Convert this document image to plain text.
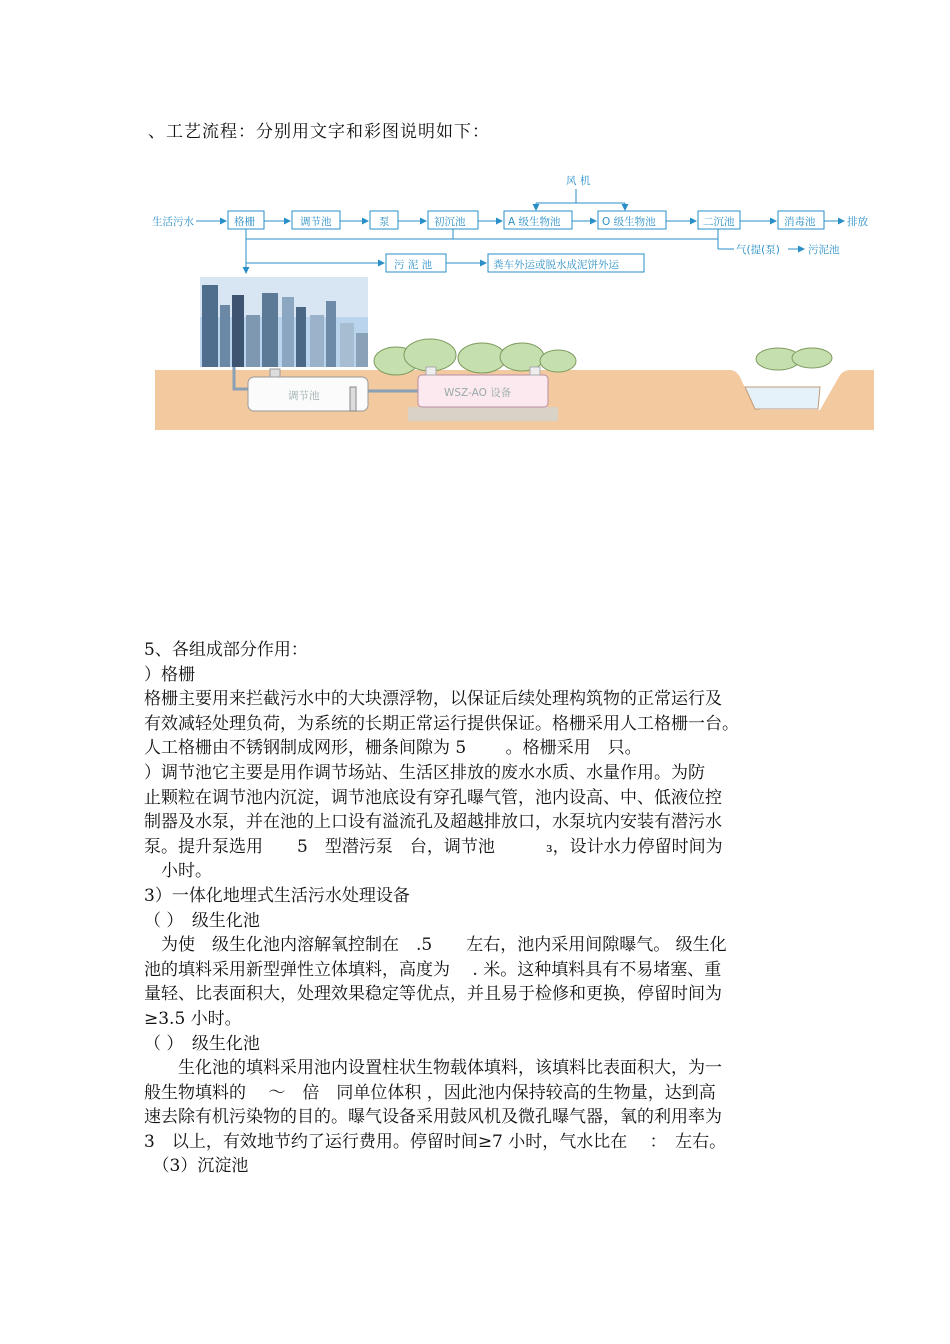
、工艺流程：分别用文字和彩图说明如下：
风 机
生活污水	格栅	调节池	泵	初沉池	A 级生物池	O 级生物池	二沉池	消毒池	排放
气(提(泵)	污泥池
污 泥 池	粪车外运或脱水成泥饼外运
调节池	WSZ-AO 设备
5、各组成部分作用：
）格栅
格栅主要用来拦截污水中的大块漂浮物，以保证后续处理构筑物的正常运行及
有效减轻处理负荷，为系统的长期正常运行提供保证。格栅采用人工格栅一台。
人工格栅由不锈钢制成网形，栅条间隙为 5　　 。格栅采用　只。
）调节池它主要是用作调节场站、生活区排放的废水水质、水量作用。为防
止颗粒在调节池内沉淀，调节池底设有穿孔曝气管，池内设高、中、低液位控
制器及水泵，并在池的上口设有溢流孔及超越排放口，水泵坑内安装有潜污水
泵。提升泵选用　　5　型潜污泵　台，调节池　　　₃，设计水力停留时间为
　小时。
3）一体化地埋式生活污水处理设备
（ ）　级生化池
　为使　级生化池内溶解氧控制在　.5　　左右，池内采用间隙曝气。 级生化
池的填料采用新型弹性立体填料，高度为　 . 米。这种填料具有不易堵塞、重
量轻、比表面积大，处理效果稳定等优点，并且易于检修和更换，停留时间为
≥3.5 小时。
（ ）　级生化池
　　生化池的填料采用池内设置柱状生物载体填料，该填料比表面积大，为一
般生物填料的　 ～　倍　同单位体积 ，因此池内保持较高的生物量，达到高
速去除有机污染物的目的。曝气设备采用鼓风机及微孔曝气器，氧的利用率为
3　以上，有效地节约了运行费用。停留时间≥7 小时，气水比在　 ：　左右。
　（3）沉淀池
